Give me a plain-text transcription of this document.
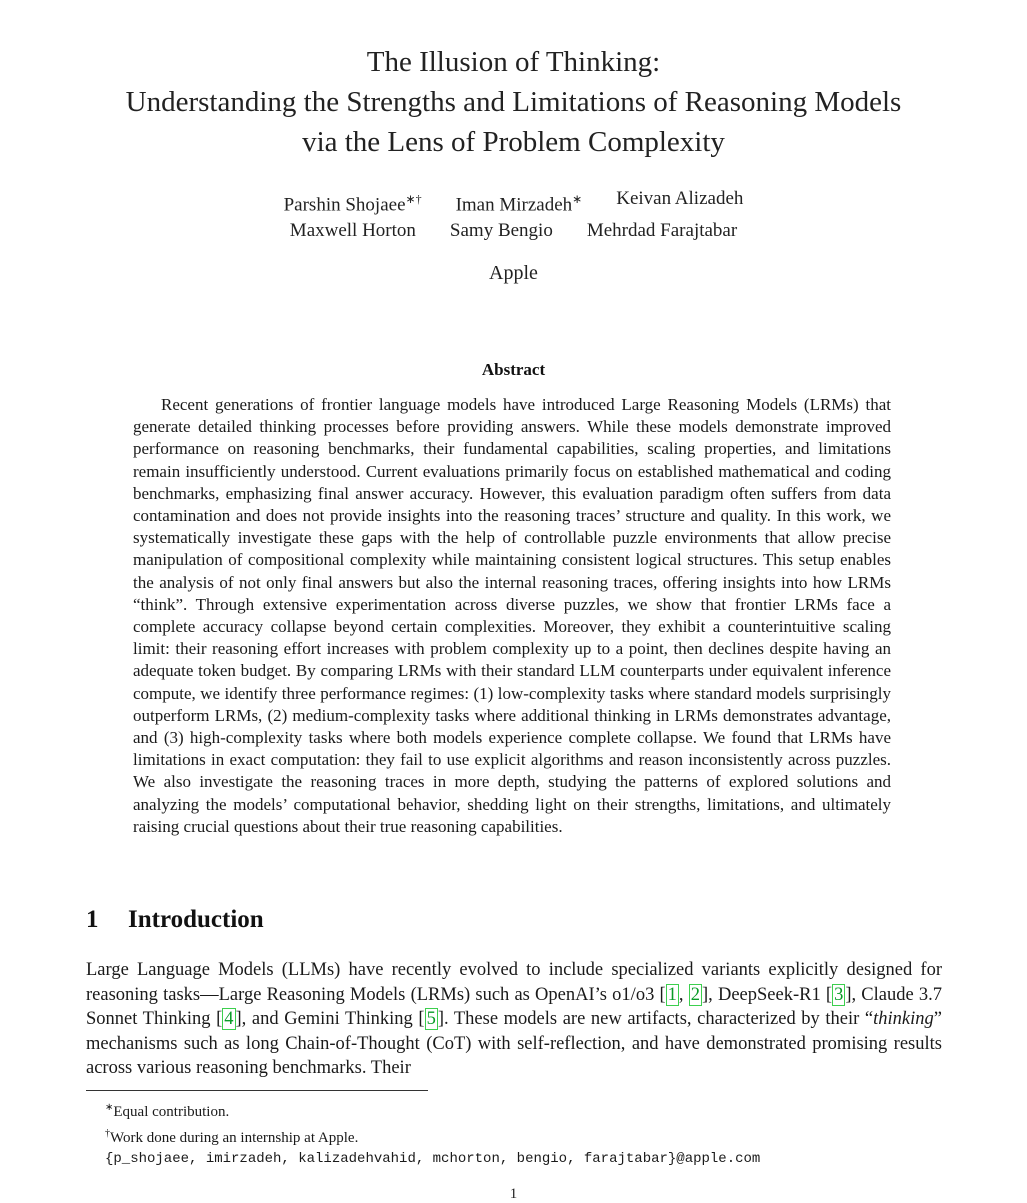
The Illusion of Thinking:
Understanding the Strengths and Limitations of Reasoning Models
via the Lens of Problem Complexity
Parshin Shojaee∗† Iman Mirzadeh∗ Keivan Alizadeh
Maxwell Horton Samy Bengio Mehrdad Farajtabar
Apple
Abstract
Recent generations of frontier language models have introduced Large Reasoning Models (LRMs) that generate detailed thinking processes before providing answers. While these models demonstrate improved performance on reasoning benchmarks, their fundamental capabilities, scaling properties, and limitations remain insufficiently understood. Current evaluations primarily focus on established mathematical and coding benchmarks, emphasizing final answer accuracy. However, this evaluation paradigm often suffers from data contamination and does not provide insights into the reasoning traces’ structure and quality. In this work, we systematically investigate these gaps with the help of controllable puzzle environments that allow precise manipulation of compositional complexity while maintaining consistent logical structures. This setup enables the analysis of not only final answers but also the internal reasoning traces, offering insights into how LRMs “think”. Through extensive experimentation across diverse puzzles, we show that frontier LRMs face a complete accuracy collapse beyond certain complexities. Moreover, they exhibit a counterintuitive scaling limit: their reasoning effort increases with problem complexity up to a point, then declines despite having an adequate token budget. By comparing LRMs with their standard LLM counterparts under equivalent inference compute, we identify three performance regimes: (1) low-complexity tasks where standard models surprisingly outperform LRMs, (2) medium-complexity tasks where additional thinking in LRMs demonstrates advantage, and (3) high-complexity tasks where both models experience complete collapse. We found that LRMs have limitations in exact computation: they fail to use explicit algorithms and reason inconsistently across puzzles. We also investigate the reasoning traces in more depth, studying the patterns of explored solutions and analyzing the models’ computational behavior, shedding light on their strengths, limitations, and ultimately raising crucial questions about their true reasoning capabilities.
1 Introduction
Large Language Models (LLMs) have recently evolved to include specialized variants explicitly designed for reasoning tasks—Large Reasoning Models (LRMs) such as OpenAI’s o1/o3 [ 1 , 2 ], DeepSeek-R1 [ 3 ], Claude 3.7 Sonnet Thinking [ 4 ], and Gemini Thinking [ 5 ]. These models are new artifacts, characterized by their “thinking” mechanisms such as long Chain-of-Thought (CoT) with self-reflection, and have demonstrated promising results across various reasoning benchmarks. Their
∗Equal contribution.
†Work done during an internship at Apple.
{p_shojaee, imirzadeh, kalizadehvahid, mchorton, bengio, farajtabar}@apple.com
1
